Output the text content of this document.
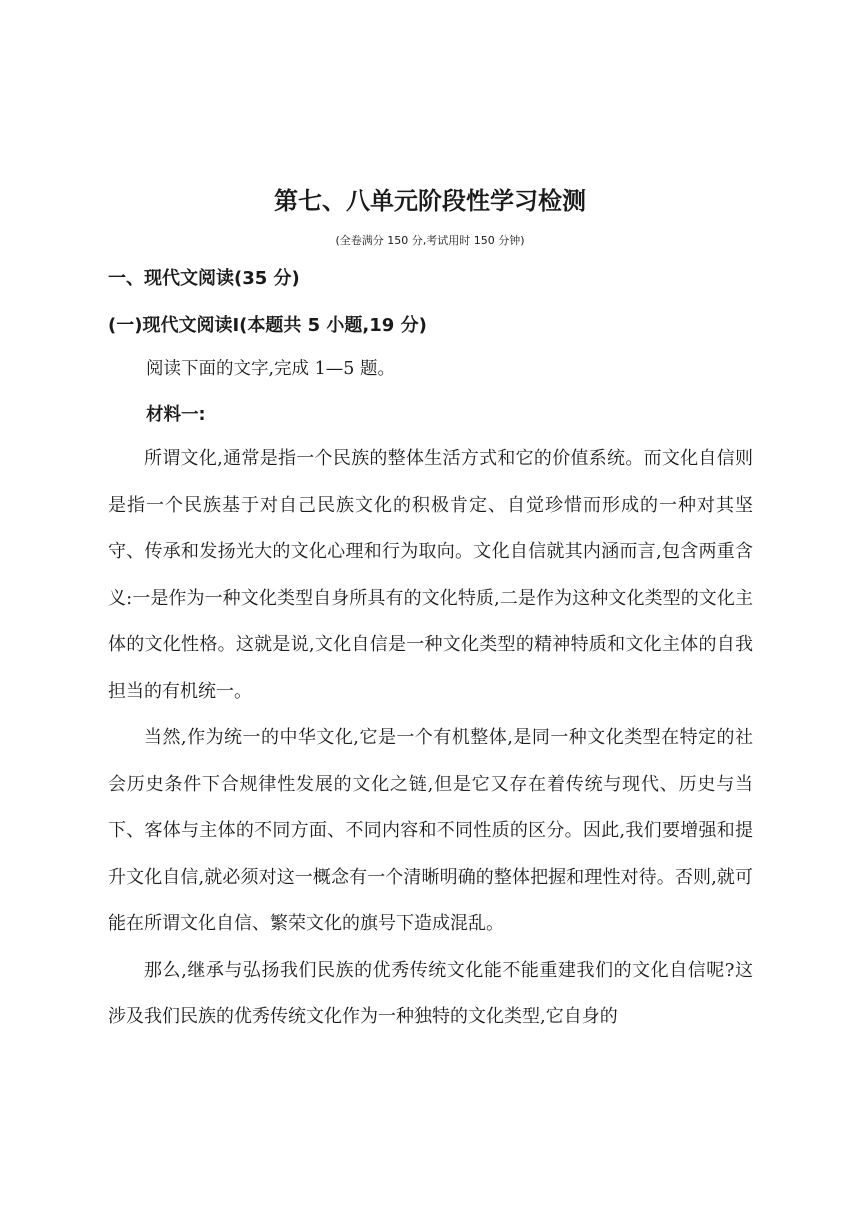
第七、八单元阶段性学习检测
(全卷满分 150 分,考试用时 150 分钟)
一、现代文阅读(35 分)
(一)现代文阅读Ⅰ(本题共 5 小题,19 分)
阅读下面的文字,完成 1—5 题。
材料一:

所谓文化,通常是指一个民族的整体生活方式和它的价值系统。而文化自信则是指一个民族基于对自己民族文化的积极肯定、自觉珍惜而形成的一种对其坚守、传承和发扬光大的文化心理和行为取向。文化自信就其内涵而言,包含两重含义:一是作为一种文化类型自身所具有的文化特质,二是作为这种文化类型的文化主体的文化性格。这就是说,文化自信是一种文化类型的精神特质和文化主体的自我担当的有机统一。

当然,作为统一的中华文化,它是一个有机整体,是同一种文化类型在特定的社会历史条件下合规律性发展的文化之链,但是它又存在着传统与现代、历史与当下、客体与主体的不同方面、不同内容和不同性质的区分。因此,我们要增强和提升文化自信,就必须对这一概念有一个清晰明确的整体把握和理性对待。否则,就可能在所谓文化自信、繁荣文化的旗号下造成混乱。

那么,继承与弘扬我们民族的优秀传统文化能不能重建我们的文化自信呢?这涉及我们民族的优秀传统文化作为一种独特的文化类型,它自身的
